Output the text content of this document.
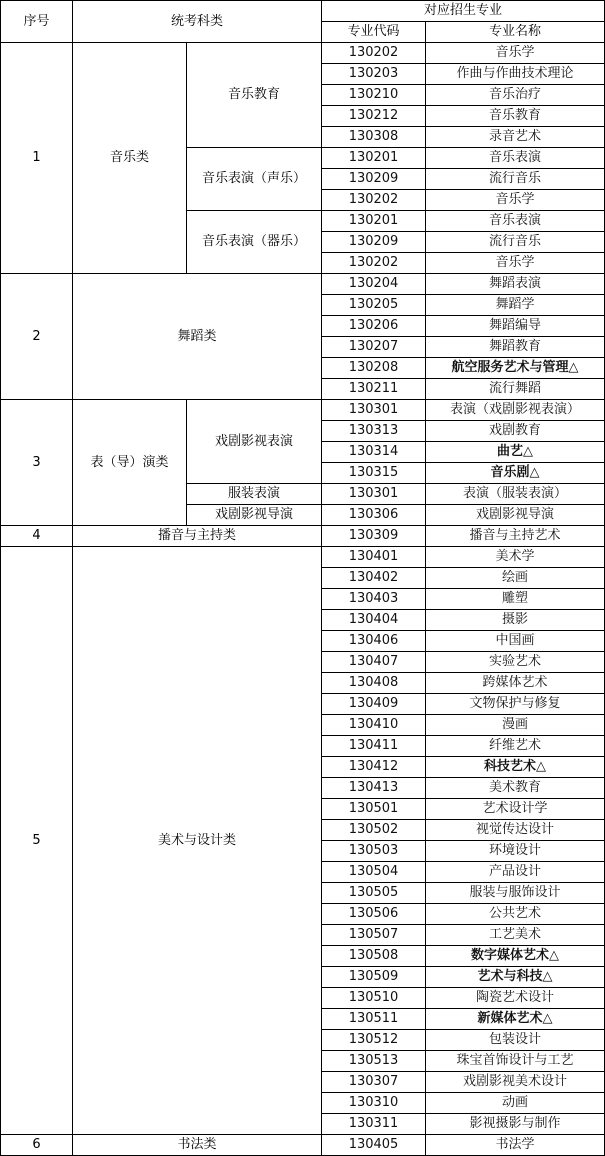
序号	统考科类		对应招生专业	
			专业代码	专业名称
1	音乐类	音乐教育	130202	音乐学
			130203	作曲与作曲技术理论
			130210	音乐治疗
			130212	音乐教育
			130308	录音艺术
		音乐表演（声乐）	130201	音乐表演
			130209	流行音乐
			130202	音乐学
		音乐表演（器乐）	130201	音乐表演
			130209	流行音乐
			130202	音乐学
2	舞蹈类		130204	舞蹈表演
			130205	舞蹈学
			130206	舞蹈编导
			130207	舞蹈教育
			130208	航空服务艺术与管理△
			130211	流行舞蹈
3	表（导）演类	戏剧影视表演	130301	表演（戏剧影视表演）
			130313	戏剧教育
			130314	曲艺△
			130315	音乐剧△
		服装表演	130301	表演（服装表演）
		戏剧影视导演	130306	戏剧影视导演
4	播音与主持类		130309	播音与主持艺术
5	美术与设计类		130401	美术学
			130402	绘画
			130403	雕塑
			130404	摄影
			130406	中国画
			130407	实验艺术
			130408	跨媒体艺术
			130409	文物保护与修复
			130410	漫画
			130411	纤维艺术
			130412	科技艺术△
			130413	美术教育
			130501	艺术设计学
			130502	视觉传达设计
			130503	环境设计
			130504	产品设计
			130505	服装与服饰设计
			130506	公共艺术
			130507	工艺美术
			130508	数字媒体艺术△
			130509	艺术与科技△
			130510	陶瓷艺术设计
			130511	新媒体艺术△
			130512	包装设计
			130513	珠宝首饰设计与工艺
			130307	戏剧影视美术设计
			130310	动画
			130311	影视摄影与制作
6	书法类		130405	书法学
